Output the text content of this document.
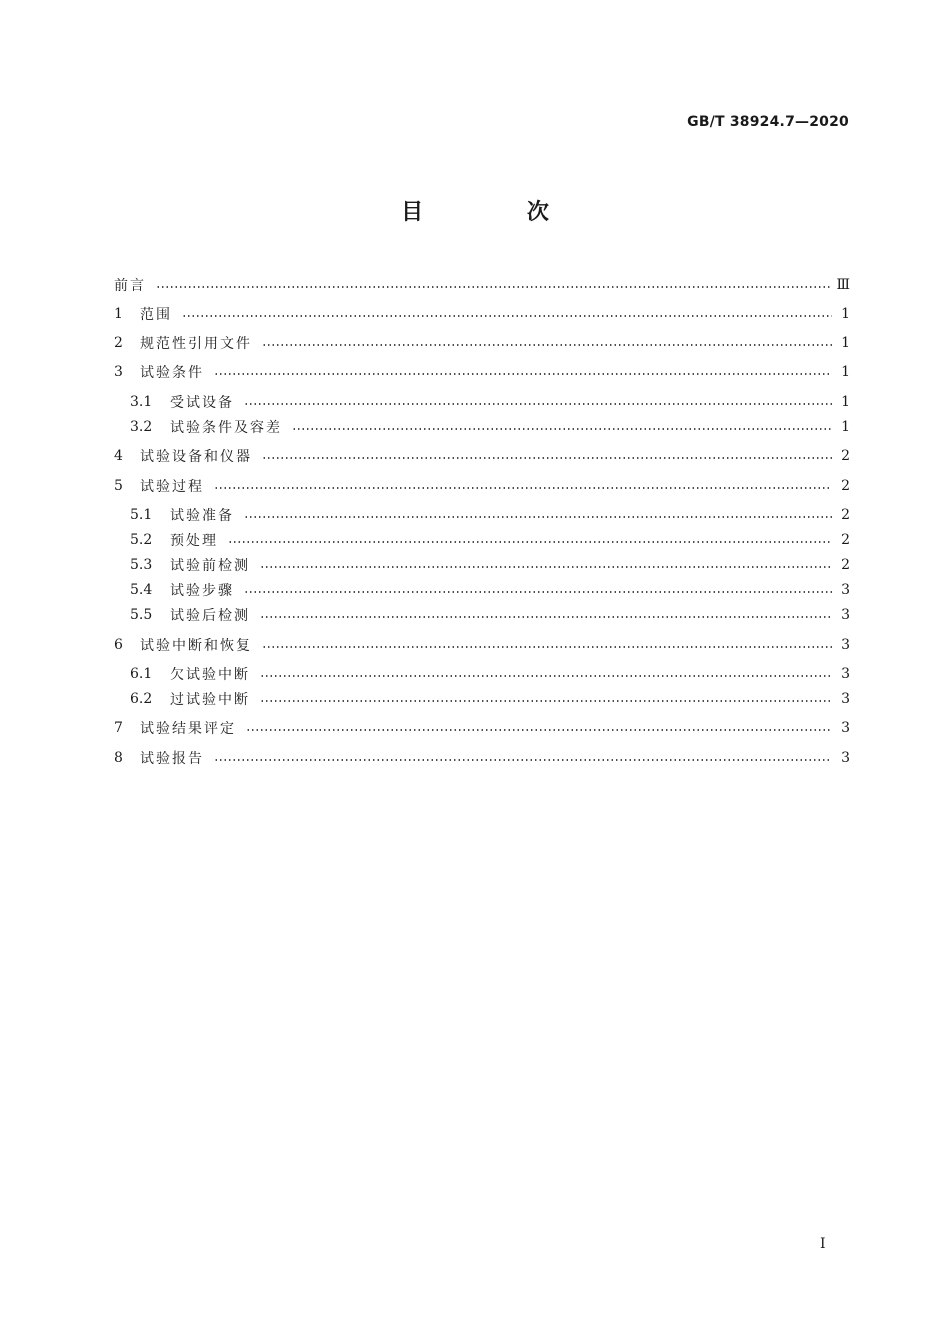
GB/T 38924.7—2020
目 次
前言	Ⅲ
1	范围	1
2	规范性引用文件	1
3	试验条件	1
3.1	受试设备	1
3.2	试验条件及容差	1
4	试验设备和仪器	2
5	试验过程	2
5.1	试验准备	2
5.2	预处理	2
5.3	试验前检测	2
5.4	试验步骤	3
5.5	试验后检测	3
6	试验中断和恢复	3
6.1	欠试验中断	3
6.2	过试验中断	3
7	试验结果评定	3
8	试验报告	3
I
